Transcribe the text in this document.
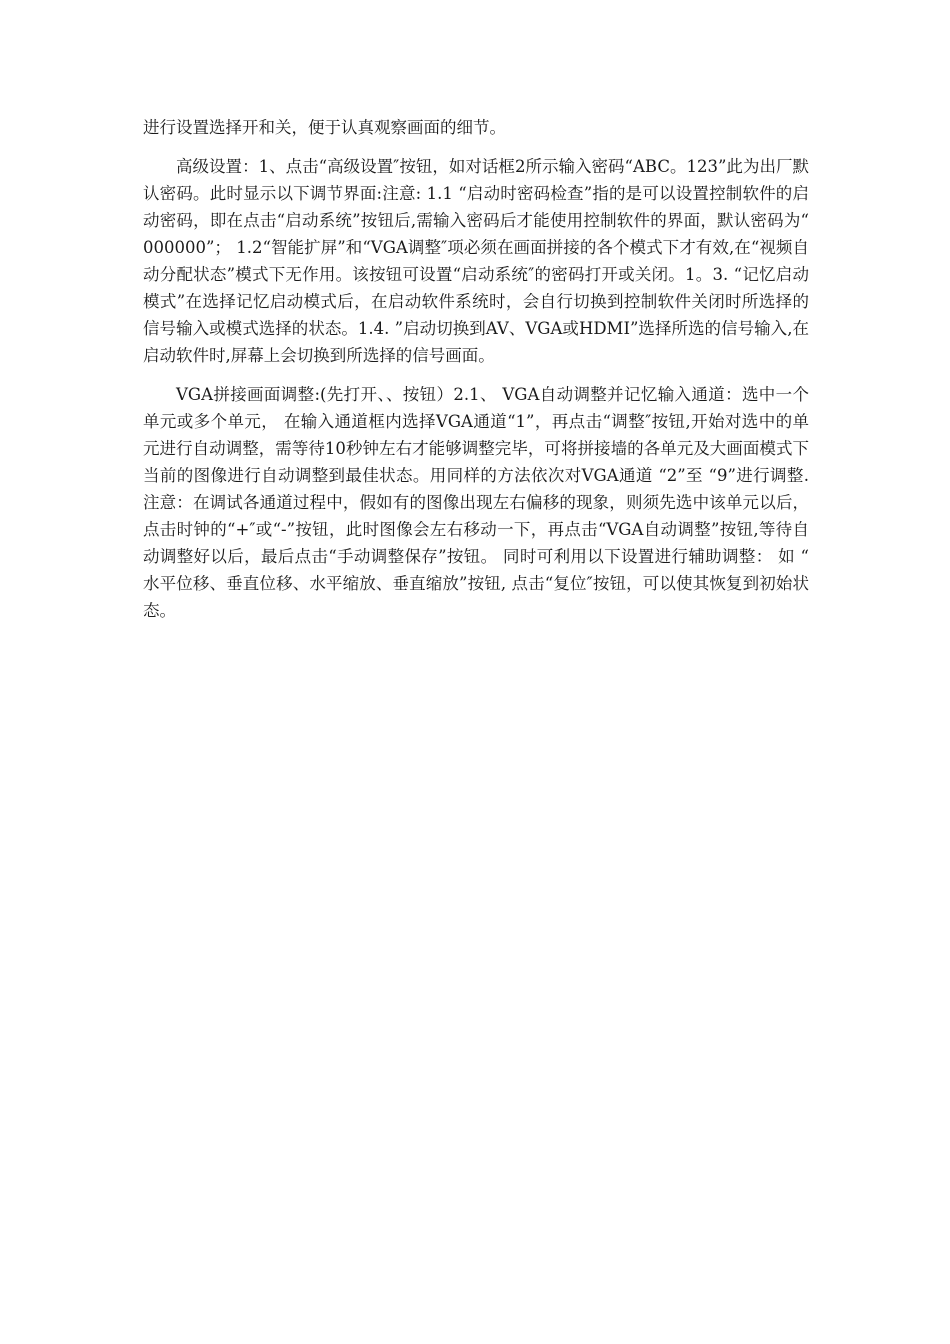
进行设置选择开和关，便于认真观察画面的细节。

高级设置：1、点击“高级设置″按钮，如对话框2所示输入密码“ABC。123”此为出厂默认密码。此时显示以下调节界面:注意: 1.1 “启动时密码检查”指的是可以设置控制软件的启动密码，即在点击“启动系统”按钮后,需输入密码后才能使用控制软件的界面，默认密码为“000000”； 1.2“智能扩屏”和“VGA调整″项必须在画面拼接的各个模式下才有效,在“视频自动分配状态”模式下无作用。该按钮可设置“启动系统″的密码打开或关闭。1。3. “记忆启动模式”在选择记忆启动模式后，在启动软件系统时，会自行切换到控制软件关闭时所选择的信号输入或模式选择的状态。1.4. ”启动切换到AV、VGA或HDMI”选择所选的信号输入,在启动软件时,屏幕上会切换到所选择的信号画面。

VGA拼接画面调整:(先打开、、按钮）2.1、 VGA自动调整并记忆输入通道：选中一个单元或多个单元， 在输入通道框内选择VGA通道“1”，再点击“调整″按钮,开始对选中的单元进行自动调整，需等待10秒钟左右才能够调整完毕，可将拼接墙的各单元及大画面模式下当前的图像进行自动调整到最佳状态。用同样的方法依次对VGA通道 “2”至 “9”进行调整. 注意：在调试各通道过程中，假如有的图像出现左右偏移的现象，则须先选中该单元以后，点击时钟的“+″或“-”按钮，此时图像会左右移动一下，再点击“VGA自动调整”按钮,等待自动调整好以后，最后点击“手动调整保存”按钮。 同时可利用以下设置进行辅助调整： 如 “水平位移、垂直位移、水平缩放、垂直缩放”按钮, 点击“复位″按钮，可以使其恢复到初始状态。
